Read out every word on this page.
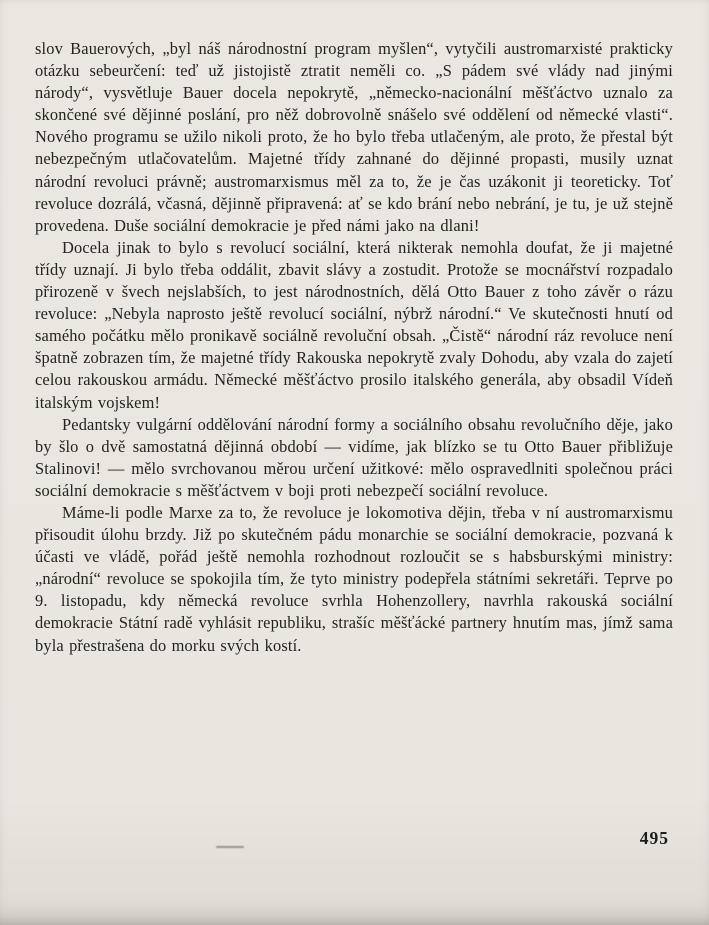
slov Bauerových, „byl náš národnostní program myšlen“, vytyčili austromarxisté prakticky otázku sebeurčení: teď už jistojistě ztratit neměli co. „S pádem své vlády nad jinými národy“, vysvětluje Bauer docela nepokrytě, „německo-nacionální měšťáctvo uznalo za skončené své dějinné poslání, pro něž dobrovolně snášelo své oddělení od německé vlasti“. Nového programu se užilo nikoli proto, že ho bylo třeba utlačeným, ale proto, že přestal být nebezpečným utlačovatelům. Majetné třídy zahnané do dějinné propasti, musily uznat národní revoluci právně; austromarxismus měl za to, že je čas uzákonit ji teoreticky. Toť revoluce dozrálá, včasná, dějinně připravená: ať se kdo brání nebo nebrání, je tu, je už stejně provedena. Duše sociální demokracie je před námi jako na dlani!

Docela jinak to bylo s revolucí sociální, která nikterak nemohla doufat, že ji majetné třídy uznají. Ji bylo třeba oddálit, zbavit slávy a zostudit. Protože se mocnářství rozpadalo přirozeně v švech nejslabších, to jest národnostních, dělá Otto Bauer z toho závěr o rázu revoluce: „Nebyla naprosto ještě revolucí sociální, nýbrž národní.“ Ve skutečnosti hnutí od samého počátku mělo pronikavě sociálně revoluční obsah. „Čistě“ národní ráz revoluce není špatně zobrazen tím, že majetné třídy Rakouska nepokrytě zvaly Dohodu, aby vzala do zajetí celou rakouskou armádu. Německé měšťáctvo prosilo italského generála, aby obsadil Vídeň italským vojskem!

Pedantsky vulgární oddělování národní formy a sociálního obsahu revolučního děje, jako by šlo o dvě samostatná dějinná období — vidíme, jak blízko se tu Otto Bauer přibližuje Stalinovi! — mělo svrchovanou měrou určení užitkové: mělo ospravedlniti společnou práci sociální demokracie s měšťáctvem v boji proti nebezpečí sociální revoluce.

Máme-li podle Marxe za to, že revoluce je lokomotiva dějin, třeba v ní austromarxismu přisoudit úlohu brzdy. Již po skutečném pádu monarchie se sociální demokracie, pozvaná k účasti ve vládě, pořád ještě nemohla rozhodnout rozloučit se s habsburskými ministry: „národní“ revoluce se spokojila tím, že tyto ministry podepřela státními sekretáři. Teprve po 9. listopadu, kdy německá revoluce svrhla Hohenzollery, navrhla rakouská sociální demokracie Státní radě vyhlásit republiku, strašíc měšťácké partnery hnutím mas, jímž sama byla přestrašena do morku svých kostí.

495
